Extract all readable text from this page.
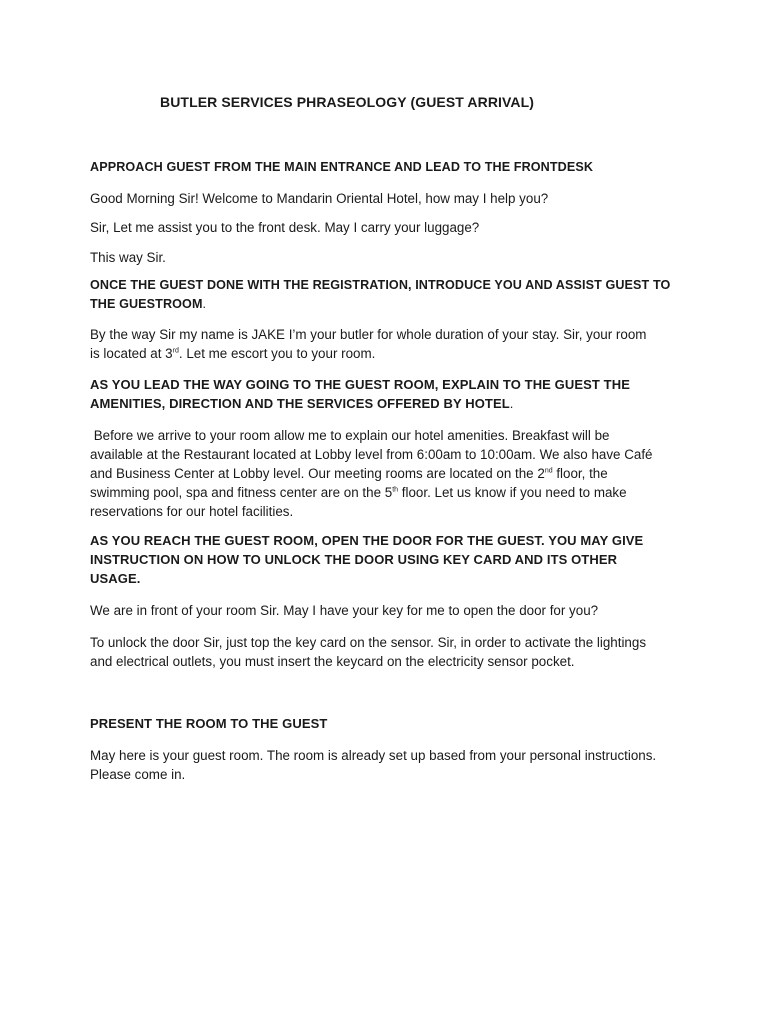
BUTLER SERVICES PHRASEOLOGY (GUEST ARRIVAL)
APPROACH GUEST FROM THE MAIN ENTRANCE AND LEAD TO THE FRONTDESK
Good Morning Sir! Welcome to Mandarin Oriental Hotel, how may I help you?
Sir, Let me assist you to the front desk. May I carry your luggage?
This way Sir.
ONCE THE GUEST DONE WITH THE REGISTRATION, INTRODUCE YOU AND ASSIST GUEST TO
THE GUESTROOM.
By the way Sir my name is JAKE I’m your butler for whole duration of your stay. Sir, your room
is located at 3rd. Let me escort you to your room.
AS YOU LEAD THE WAY GOING TO THE GUEST ROOM, EXPLAIN TO THE GUEST THE
AMENITIES, DIRECTION AND THE SERVICES OFFERED BY HOTEL.
Before we arrive to your room allow me to explain our hotel amenities. Breakfast will be
available at the Restaurant located at Lobby level from 6:00am to 10:00am. We also have Café
and Business Center at Lobby level. Our meeting rooms are located on the 2nd floor, the
swimming pool, spa and fitness center are on the 5th floor. Let us know if you need to make
reservations for our hotel facilities.
AS YOU REACH THE GUEST ROOM, OPEN THE DOOR FOR THE GUEST. YOU MAY GIVE
INSTRUCTION ON HOW TO UNLOCK THE DOOR USING KEY CARD AND ITS OTHER
USAGE.
We are in front of your room Sir. May I have your key for me to open the door for you?
To unlock the door Sir, just top the key card on the sensor. Sir, in order to activate the lightings
and electrical outlets, you must insert the keycard on the electricity sensor pocket.
PRESENT THE ROOM TO THE GUEST
May here is your guest room. The room is already set up based from your personal instructions.
Please come in.
